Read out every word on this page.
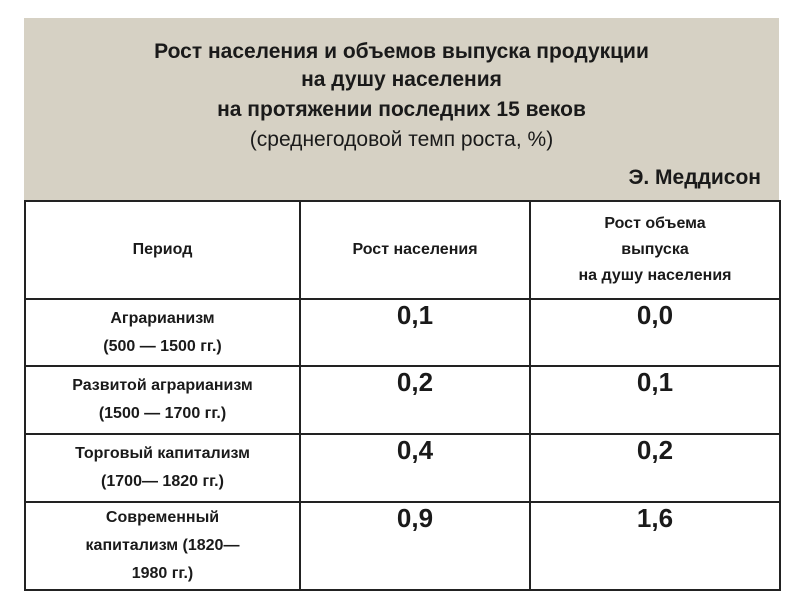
Рост населения и объемов выпуска продукции
на душу населения
на протяжении последних 15 веков
(среднегодовой темп роста, %)
Э. Меддисон
Период	Рост населения	Рост объема
выпуска
на душу населения

Аграрианизм
(500 — 1500 гг.)	0,1	0,0

Развитой аграрианизм
(1500 — 1700 гг.)	0,2	0,1

Торговый капитализм
(1700— 1820 гг.)	0,4	0,2

Современный
капитализм (1820—
1980 гг.)	0,9	1,6
